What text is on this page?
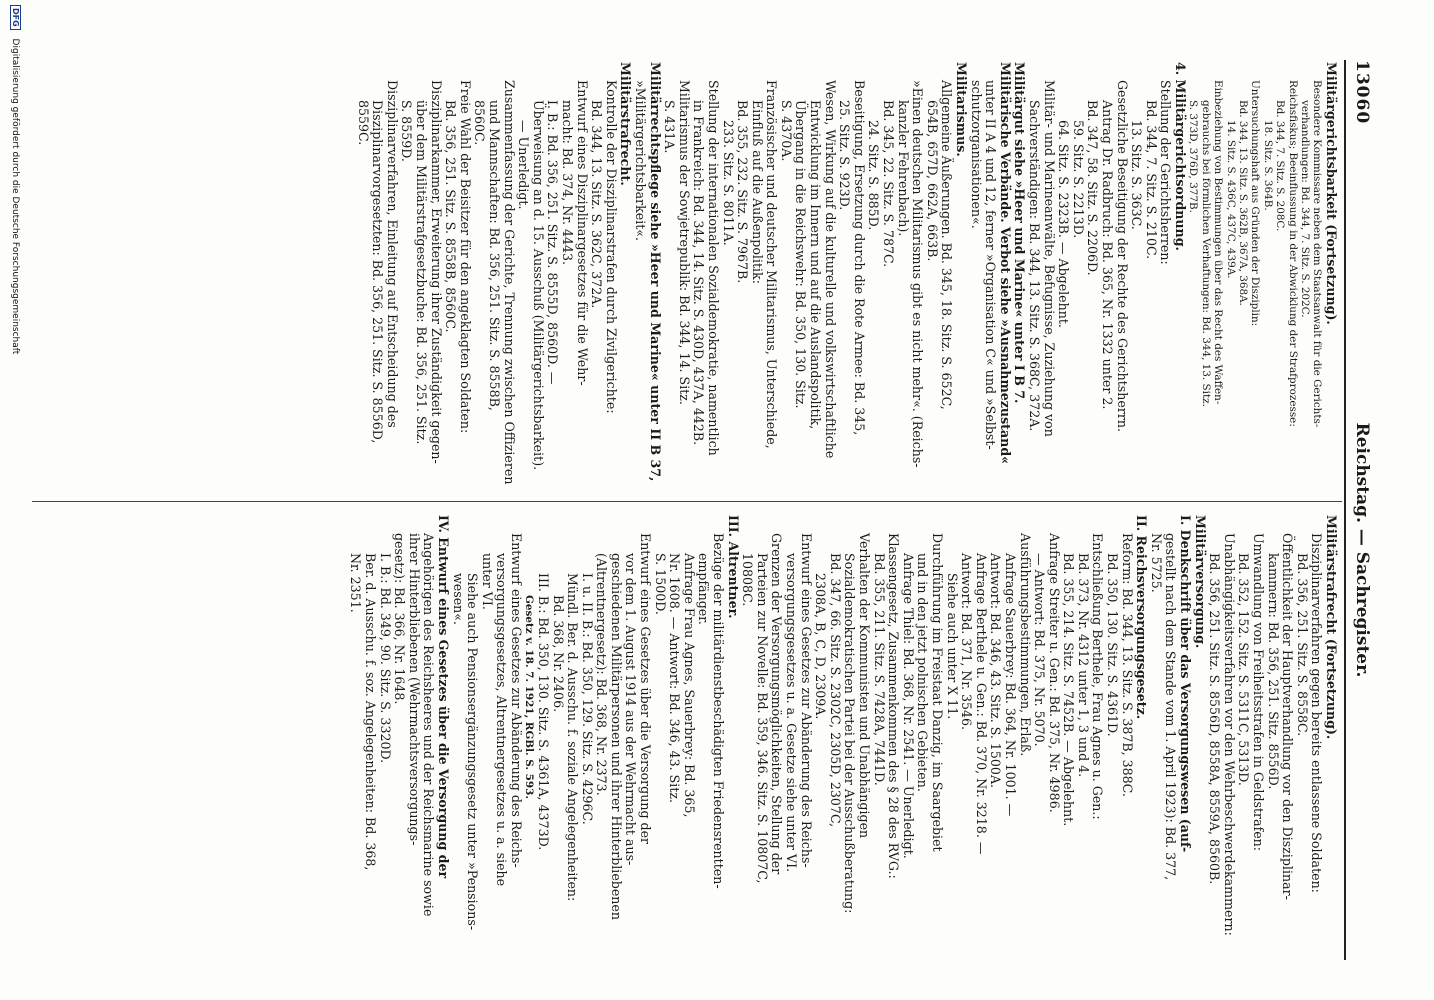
13060
Reichstag. — Sachregister.
Militärgerichtsbarkeit (Fortsetzung).
Besondere Kommissare neben dem Staatsanwalt für die Gerichts-
verhandlungen: Bd. 344, 7. Sitz. S. 202C.
Reichsfiskus; Beeinflussung in der Abwicklung der Strafprozesse:
Bd. 344, 7. Sitz. S. 208C.
18. Sitz. S. 364B.
Untersuchungshaft aus Gründen der Disziplin:
Bd. 344, 13. Sitz. S. 362B, 367A, 368A.
14. Sitz. S. 436C, 437C, 439A.
Einbeziehung von Bestimmungen über das Recht des Waffen-
gebrauchs bei förmlichen Verhaftungen: Bd. 344, 13. Sitz.
S. 373D, 376D, 377B.
4. Militärgerichtsordnung.
Stellung der Gerichtsherren:
Bd. 344, 7. Sitz. S. 210C.
13. Sitz. S. 363C.
Gesetzliche Beseitigung der Rechte des Gerichtsherrn.
Antrag Dr. Radbruch: Bd. 365, Nr. 1332 unter 2.
Bd. 347, 58. Sitz. S. 2206D.
59. Sitz. S. 2213D.
64. Sitz. S. 2323B. — Abgelehnt.
Militär- und Marineanwälte, Befugnisse, Zuziehung von
Sachverständigen: Bd. 344, 13. Sitz. S. 368C, 372A.
Militärgut siehe »Heer und Marine« unter I B 7.
Militärische Verbände. Verbot siehe »Ausnahmezustand«
unter II A 4 und 12, ferner »Organisation C« und »Selbst-
schutzorganisationen«.
Militarismus.
Allgemeine Äußerungen. Bd. 345, 18. Sitz. S. 652C,
654B, 657D, 662A, 663B.
»Einen deutschen Militarismus gibt es nicht mehr«. (Reichs-
kanzler Fehrenbach).
Bd. 345, 22. Sitz. S. 787C.
24. Sitz. S. 885D.
Beseitigung, Ersetzung durch die Rote Armee: Bd. 345,
25. Sitz. S. 923D.
Wesen, Wirkung auf die kulturelle und volkswirtschaftliche
Entwicklung im Innern und auf die Auslandspolitik,
Übergang in die Reichswehr: Bd. 350, 130. Sitz.
S. 4370A.
Französischer und deutscher Militarismus, Unterschiede,
Einfluß auf die Außenpolitik:
Bd. 355, 232. Sitz. S. 7967B.
233. Sitz. S. 8011A.
Stellung der internationalen Sozialdemokratie, namentlich
in Frankreich: Bd. 344, 14. Sitz. S. 430D, 437A, 442B.
Militarismus der Sowjetrepublik: Bd. 344, 14. Sitz.
S. 431A.
Militärrechtspflege siehe »Heer und Marine« unter II B 37,
»Militärgerichtsbarkeit«.
Militärstrafrecht.
Kontrolle der Disziplinarstrafen durch Zivilgerichte:
Bd. 344, 13. Sitz. S. 362C, 372A.
Entwurf eines Disziplinargesetzes für die Wehr-
macht: Bd. 374, Nr. 4443.
I. B.: Bd. 356, 251. Sitz. S. 8555D, 8560D. —
Überweisung an d. 15. Ausschuß (Militärgerichtsbarkeit).
— Unerledigt.
Zusammenfassung der Gerichte, Trennung zwischen Offizieren
und Mannschaften: Bd. 356, 251. Sitz. S. 8558B,
8560C.
Freie Wahl der Beisitzer für den angeklagten Soldaten:
Bd. 356, 251. Sitz. S. 8558B, 8560C.
Disziplinarkammer, Erweiterung ihrer Zuständigkeit gegen-
über dem Militärstrafgesetzbuche: Bd. 356, 251. Sitz.
S. 8559D.
Disziplinarverfahren, Einleitung auf Entscheidung des
Disziplinarvorgesetzten: Bd. 356, 251. Sitz. S. 8556D,
8559C.
Militärstrafrecht (Fortsetzung).
Disziplinarverfahren gegen bereits entlassene Soldaten:
Bd. 356, 251. Sitz. S. 8558C.
Öffentlichkeit der Hauptverhandlung vor den Disziplinar-
kammern: Bd. 356, 251. Sitz. 8556D.
Umwandlung von Freiheitsstrafen in Geldstrafen:
Bd. 352, 152. Sitz. S. 5311C, 5313D.
Unabhängigkeitsverfahren vor den Wehrbeschwerdekammern:
Bd. 356, 251. Sitz. S. 8556D, 8558A, 8559A, 8560B.
Militärversorgung.
I. Denkschrift über das Versorgungswesen (auf-
gestellt nach dem Stande vom 1. April 1923): Bd. 377,
Nr. 5725.
II. Reichsversorgungsgesetz.
Reform: Bd. 344, 13. Sitz. S. 387B, 388C.
Bd. 350, 130. Sitz. S. 4361D.
Entschließung Berthele, Frau Agnes u. Gen.:
Bd. 373, Nr. 4312 unter 1, 3 und 4.
Bd. 355, 214. Sitz. S. 7452B. — Abgelehnt.
Anfrage Streiter u. Gen.: Bd. 375, Nr. 4986.
— Antwort: Bd. 375, Nr. 5070.
Ausführungsbestimmungen, Erlaß.
Anfrage Sauerbrey: Bd. 364, Nr. 1001. —
Antwort: Bd. 346, 43. Sitz. S. 1500A.
Anfrage Berthele u. Gen.: Bd. 370, Nr. 3218. —
Antwort: Bd. 371, Nr. 3546.
Siehe auch unter X 11.
Durchführung im Freistaat Danzig, im Saargebiet
und in den jetzt polnischen Gebieten.
Anfrage Thiel: Bd. 368, Nr. 2541. — Unerledigt.
Klassengesetz, Zusammenkommen des § 28 des RVG.:
Bd. 355, 211. Sitz. S. 7428A, 7441D.
Verhalten der Kommunisten und Unabhängigen
Sozialdemokratischen Partei bei der Ausschußberatung:
Bd. 347, 66. Sitz. S. 2302C, 2305D, 2307C,
2308A, B, C, D, 2309A.
Entwurf eines Gesetzes zur Abänderung des Reichs-
versorgungsgesetzes u. a. Gesetze siehe unter VI.
Grenzen der Versorgungsmöglichkeiten, Stellung der
Parteien zur Novelle: Bd. 359, 346. Sitz. S. 10807C,
10808C.
III. Altrentner.
Bezüge der militärdienstbeschädigten Friedensrentten-
empfänger.
Anfrage Frau Agnes, Sauerbrey: Bd. 365,
Nr. 1608. — Antwort: Bd. 346, 43. Sitz.
S. 1500D.
Entwurf eines Gesetzes über die Versorgung der
vor dem 1. August 1914 aus der Wehrmacht aus-
geschiedenen Militärpersonen und ihrer Hinterbliebenen
(Altrentnergesetz): Bd. 368, Nr. 2373.
I. u. II. B.: Bd. 350, 129. Sitz. S. 4296C.
Mündl. Ber. d. Ausschu. f. soziale Angelegenheiten:
Bd. 368, Nr. 2406.
III. B.: Bd. 350, 130. Sitz. S. 4361A, 4373D.
Gesetz v. 18. 7. 1921, RGBl. S. 593.
Entwurf eines Gesetzes zur Abänderung des Reichs-
versorgungsgesetzes, Altrentnergesetzes u. a. siehe
unter VI.
Siehe auch Pensionsergänzungsgesetz unter »Pensions-
wesen«.
IV. Entwurf eines Gesetzes über die Versorgung der
Angehörigen des Reichsheeres und der Reichsmarine sowie
ihrer Hinterbliebenen (Wehrmachtsversorgungs-
gesetz): Bd. 366, Nr. 1648.
I. B.: Bd. 349, 90. Sitz. S. 3320D.
Ber. d. Ausschu. f. soz. Angelegenheiten: Bd. 368,
Nr. 2351.
DFG Digitalisierung gefördert durch die Deutsche Forschungsgemeinschaft
